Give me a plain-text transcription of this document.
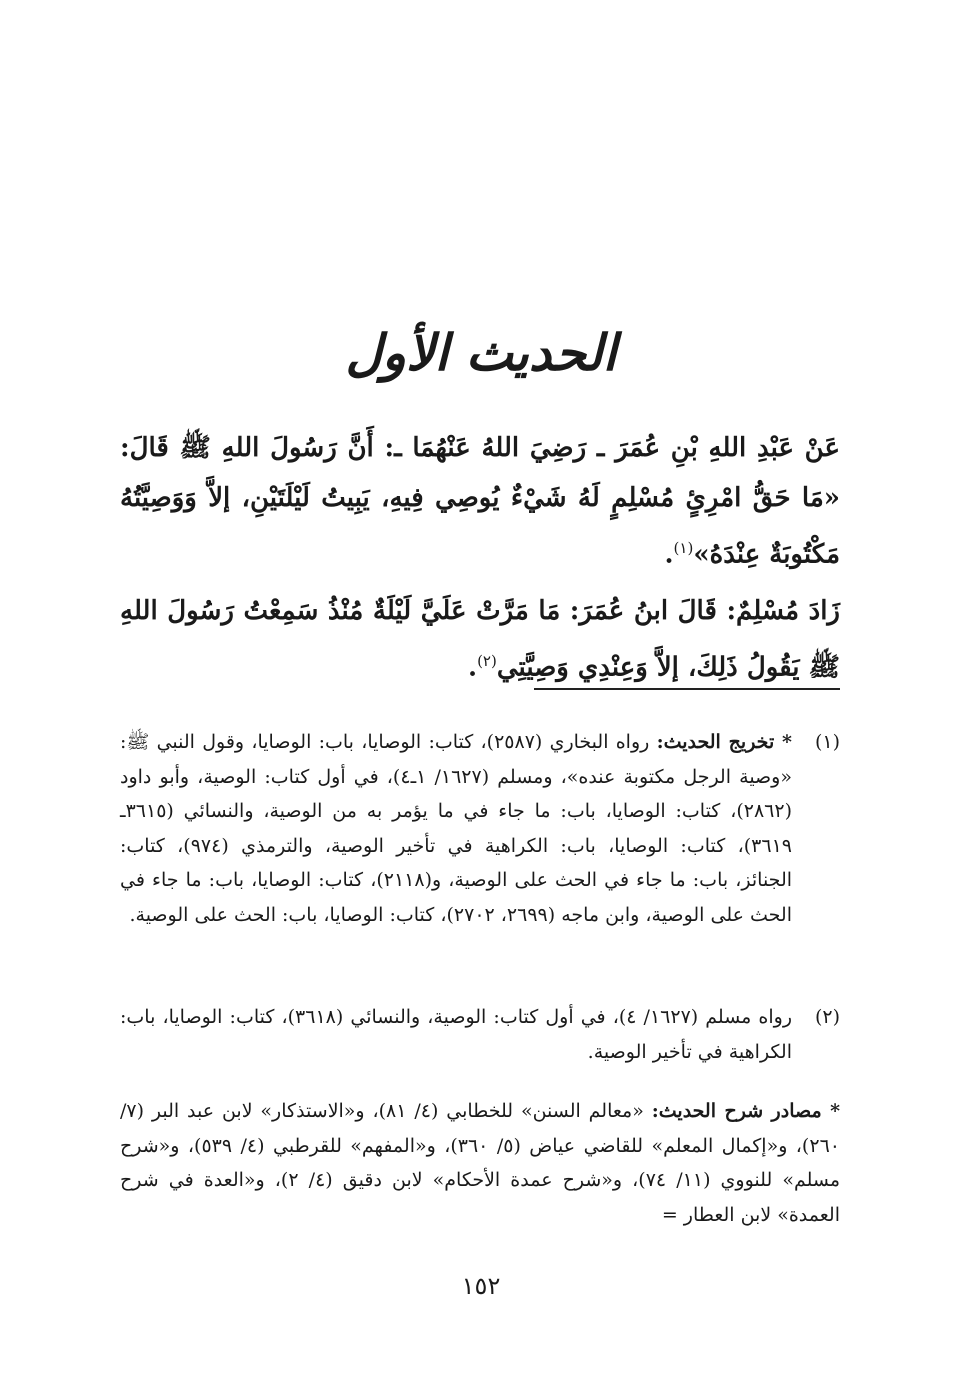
الحديث الأول
عَنْ عَبْدِ اللهِ بْنِ عُمَرَ ـ رَضِيَ اللهُ عَنْهُمَا ـ: أَنَّ رَسُولَ اللهِ ﷺ قَالَ: «مَا حَقُّ امْرِئٍ مُسْلِمٍ لَهُ شَيْءٌ يُوصِي فِيهِ، يَبِيتُ لَيْلَتَيْنِ، إلاَّ وَوَصِيَّتُهُ مَكْتُوبَةٌ عِنْدَهُ»$^{(١)}$.
زَادَ مُسْلِمٌ: قَالَ ابنُ عُمَرَ: مَا مَرَّتْ عَلَيَّ لَيْلَةٌ مُنْذُ سَمِعْتُ رَسُولَ اللهِ ﷺ يَقُولُ ذَلِكَ، إلاَّ وَعِنْدِي وَصِيَّتِي$^{(٢)}$.
(١)
* تخريج الحديث: رواه البخاري (٢٥٨٧)، كتاب: الوصايا، باب: الوصايا، وقول النبي ﷺ: «وصية الرجل مكتوبة عنده»، ومسلم (١٦٢٧/ ١ـ٤)، في أول كتاب: الوصية، وأبو داود (٢٨٦٢)، كتاب: الوصايا، باب: ما جاء في ما يؤمر به من الوصية، والنسائي (٣٦١٥ـ ٣٦١٩)، كتاب: الوصايا، باب: الكراهية في تأخير الوصية، والترمذي (٩٧٤)، كتاب: الجنائز، باب: ما جاء في الحث على الوصية، و(٢١١٨)، كتاب: الوصايا، باب: ما جاء في الحث على الوصية، وابن ماجه (٢٦٩٩، ٢٧٠٢)، كتاب: الوصايا، باب: الحث على الوصية.
(٢)
رواه مسلم (١٦٢٧/ ٤)، في أول كتاب: الوصية، والنسائي (٣٦١٨)، كتاب: الوصايا، باب: الكراهية في تأخير الوصية.
* مصادر شرح الحديث: «معالم السنن» للخطابي (٤/ ٨١)، و«الاستذكار» لابن عبد البر (٧/ ٢٦٠)، و«إكمال المعلم» للقاضي عياض (٥/ ٣٦٠)، و«المفهم» للقرطبي (٤/ ٥٣٩)، و«شرح مسلم» للنووي (١١/ ٧٤)، و«شرح عمدة الأحكام» لابن دقيق (٤/ ٢)، و«العدة في شرح العمدة» لابن العطار =
١٥٢
